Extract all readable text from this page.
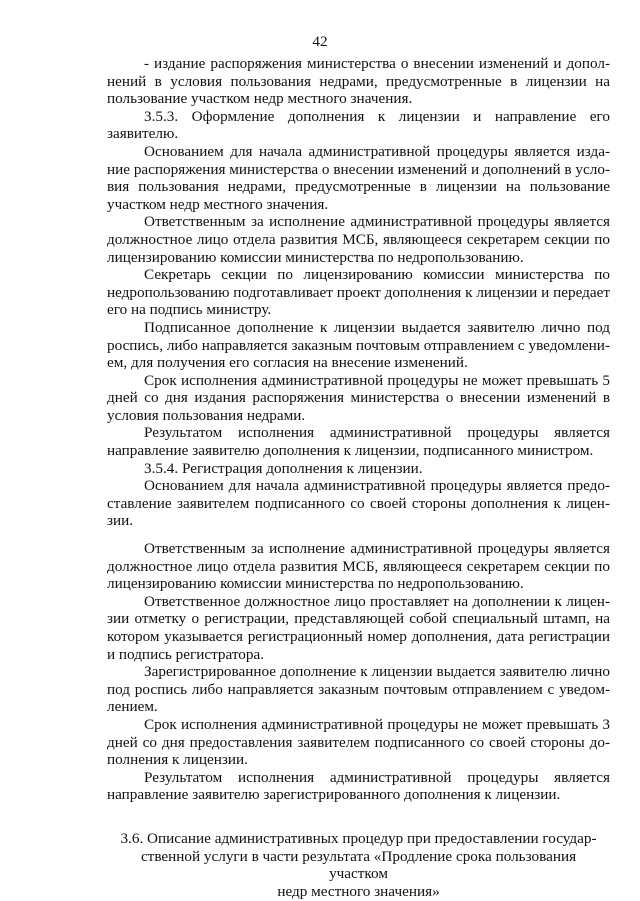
42

- издание распоряжения министерства о внесении изменений и дополнений в условия пользования недрами, предусмотренные в лицензии на пользование участком недр местного значения.

3.5.3. Оформление дополнения к лицензии и направление его заявителю.

Основанием для начала административной процедуры является издание распоряжения министерства о внесении изменений и дополнений в условия пользования недрами, предусмотренные в лицензии на пользование участком недр местного значения.

Ответственным за исполнение административной процедуры является должностное лицо отдела развития МСБ, являющееся секретарем секции по лицензированию комиссии министерства по недропользованию.

Секретарь секции по лицензированию комиссии министерства по недропользованию подготавливает проект дополнения к лицензии и передает его на подпись министру.

Подписанное дополнение к лицензии выдается заявителю лично под роспись, либо направляется заказным почтовым отправлением с уведомлением, для получения его согласия на внесение изменений.

Срок исполнения административной процедуры не может превышать 5 дней со дня издания распоряжения министерства о внесении изменений в условия пользования недрами.

Результатом исполнения административной процедуры является направление заявителю дополнения к лицензии, подписанного министром.

3.5.4. Регистрация дополнения к лицензии.

Основанием для начала административной процедуры является предоставление заявителем подписанного со своей стороны дополнения к лицензии.

Ответственным за исполнение административной процедуры является должностное лицо отдела развития МСБ, являющееся секретарем секции по лицензированию комиссии министерства по недропользованию.

Ответственное должностное лицо проставляет на дополнении к лицензии отметку о регистрации, представляющей собой специальный штамп, на котором указывается регистрационный номер дополнения, дата регистрации и подпись регистратора.

Зарегистрированное дополнение к лицензии выдается заявителю лично под роспись либо направляется заказным почтовым отправлением с уведомлением.

Срок исполнения административной процедуры не может превышать 3 дней со дня предоставления заявителем подписанного со своей стороны дополнения к лицензии.

Результатом исполнения административной процедуры является направление заявителю зарегистрированного дополнения к лицензии.

3.6. Описание административных процедур при предоставлении государ-
ственной услуги в части результата «Продление срока пользования участком
недр местного значения»
